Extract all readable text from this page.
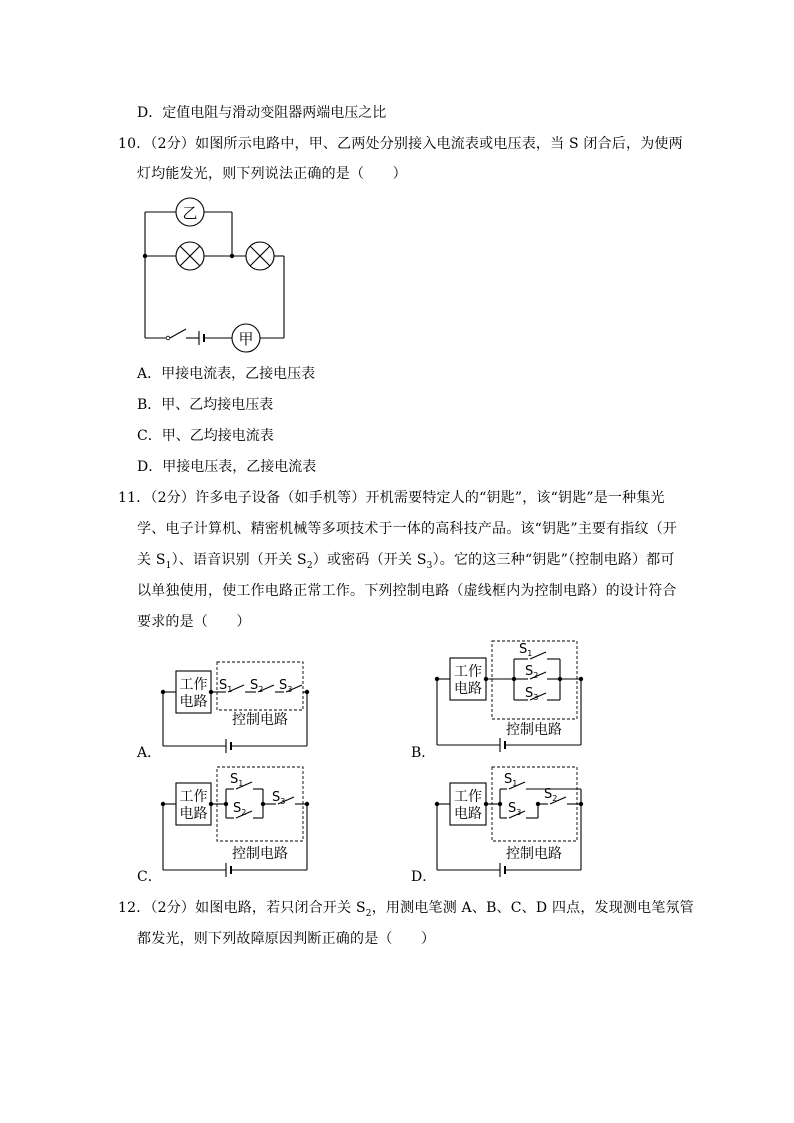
D．定值电阻与滑动变阻器两端电压之比
10．（2分）如图所示电路中，甲、乙两处分别接入电流表或电压表，当 S 闭合后，为使两
灯均能发光，则下列说法正确的是（　　）
乙
甲
A．甲接电流表，乙接电压表
B．甲、乙均接电压表
C．甲、乙均接电流表
D．甲接电压表，乙接电流表
11．（2分）许多电子设备（如手机等）开机需要特定人的“钥匙”，该“钥匙”是一种集光
学、电子计算机、精密机械等多项技术于一体的高科技产品。该“钥匙”主要有指纹（开
关 $S_1$）、语音识别（开关 $S_2$）或密码（开关 $S_3$）。它的这三种“钥匙”（控制电路）都可
以单独使用，使工作电路正常工作。下列控制电路（虚线框内为控制电路）的设计符合
要求的是（　　）
工作
电路
工作
电路
工作
电路
工作
电路
控制电路
控制电路
控制电路	控制电路
$S_1$ $S_2$ $S_3$
$S_1$
$S_2$
$S_3$
$S_1$
$S_2$
$S_3$
$S_1$
$S_3$
$S_2$
A．	B．
C．	D．
12．（2分）如图电路，若只闭合开关 $S_2$，用测电笔测 A、B、C、D 四点，发现测电笔氖管
都发光，则下列故障原因判断正确的是（　　）
